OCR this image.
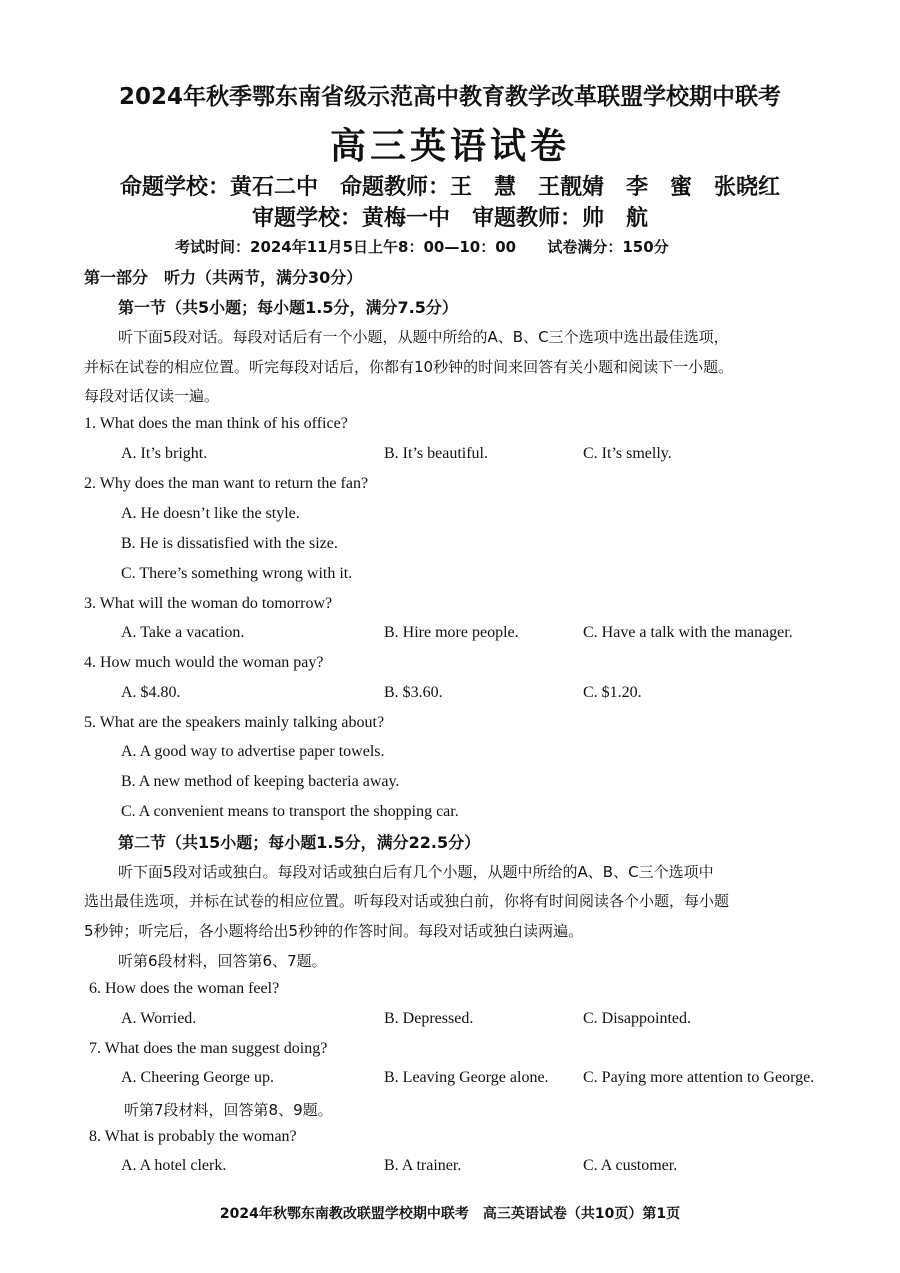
2024年秋季鄂东南省级示范高中教育教学改革联盟学校期中联考
高三英语试卷
命题学校：黄石二中　命题教师：王　慧　王靓婧　李　蜜　张晓红
审题学校：黄梅一中　审题教师：帅　航
考试时间：2024年11月5日上午8：00—10：00 试卷满分：150分
第一部分　听力（共两节，满分30分）
第一节（共5小题；每小题1.5分，满分7.5分）
听下面5段对话。每段对话后有一个小题，从题中所给的A、B、C三个选项中选出最佳选项，
并标在试卷的相应位置。听完每段对话后，你都有10秒钟的时间来回答有关小题和阅读下一小题。
每段对话仅读一遍。
1. What does the man think of his office?
A. It’s bright.	B. It’s beautiful.	C. It’s smelly.
2. Why does the man want to return the fan?
A. He doesn’t like the style.
B. He is dissatisfied with the size.
C. There’s something wrong with it.
3. What will the woman do tomorrow?
A. Take a vacation.	B. Hire more people.	C. Have a talk with the manager.
4. How much would the woman pay?
A. $4.80.	B. $3.60.	C. $1.20.
5. What are the speakers mainly talking about?
A. A good way to advertise paper towels.
B. A new method of keeping bacteria away.
C. A convenient means to transport the shopping car.
第二节（共15小题；每小题1.5分，满分22.5分）
听下面5段对话或独白。每段对话或独白后有几个小题，从题中所给的A、B、C三个选项中
选出最佳选项，并标在试卷的相应位置。听每段对话或独白前，你将有时间阅读各个小题，每小题
5秒钟；听完后，各小题将给出5秒钟的作答时间。每段对话或独白读两遍。
听第6段材料，回答第6、7题。
6. How does the woman feel?
A. Worried.	B. Depressed.	C. Disappointed.
7. What does the man suggest doing?
A. Cheering George up.	B. Leaving George alone. C. Paying more attention to George.
听第7段材料，回答第8、9题。
8. What is probably the woman?
A. A hotel clerk.	B. A trainer.	C. A customer.
2024年秋鄂东南教改联盟学校期中联考　高三英语试卷（共10页）第1页
